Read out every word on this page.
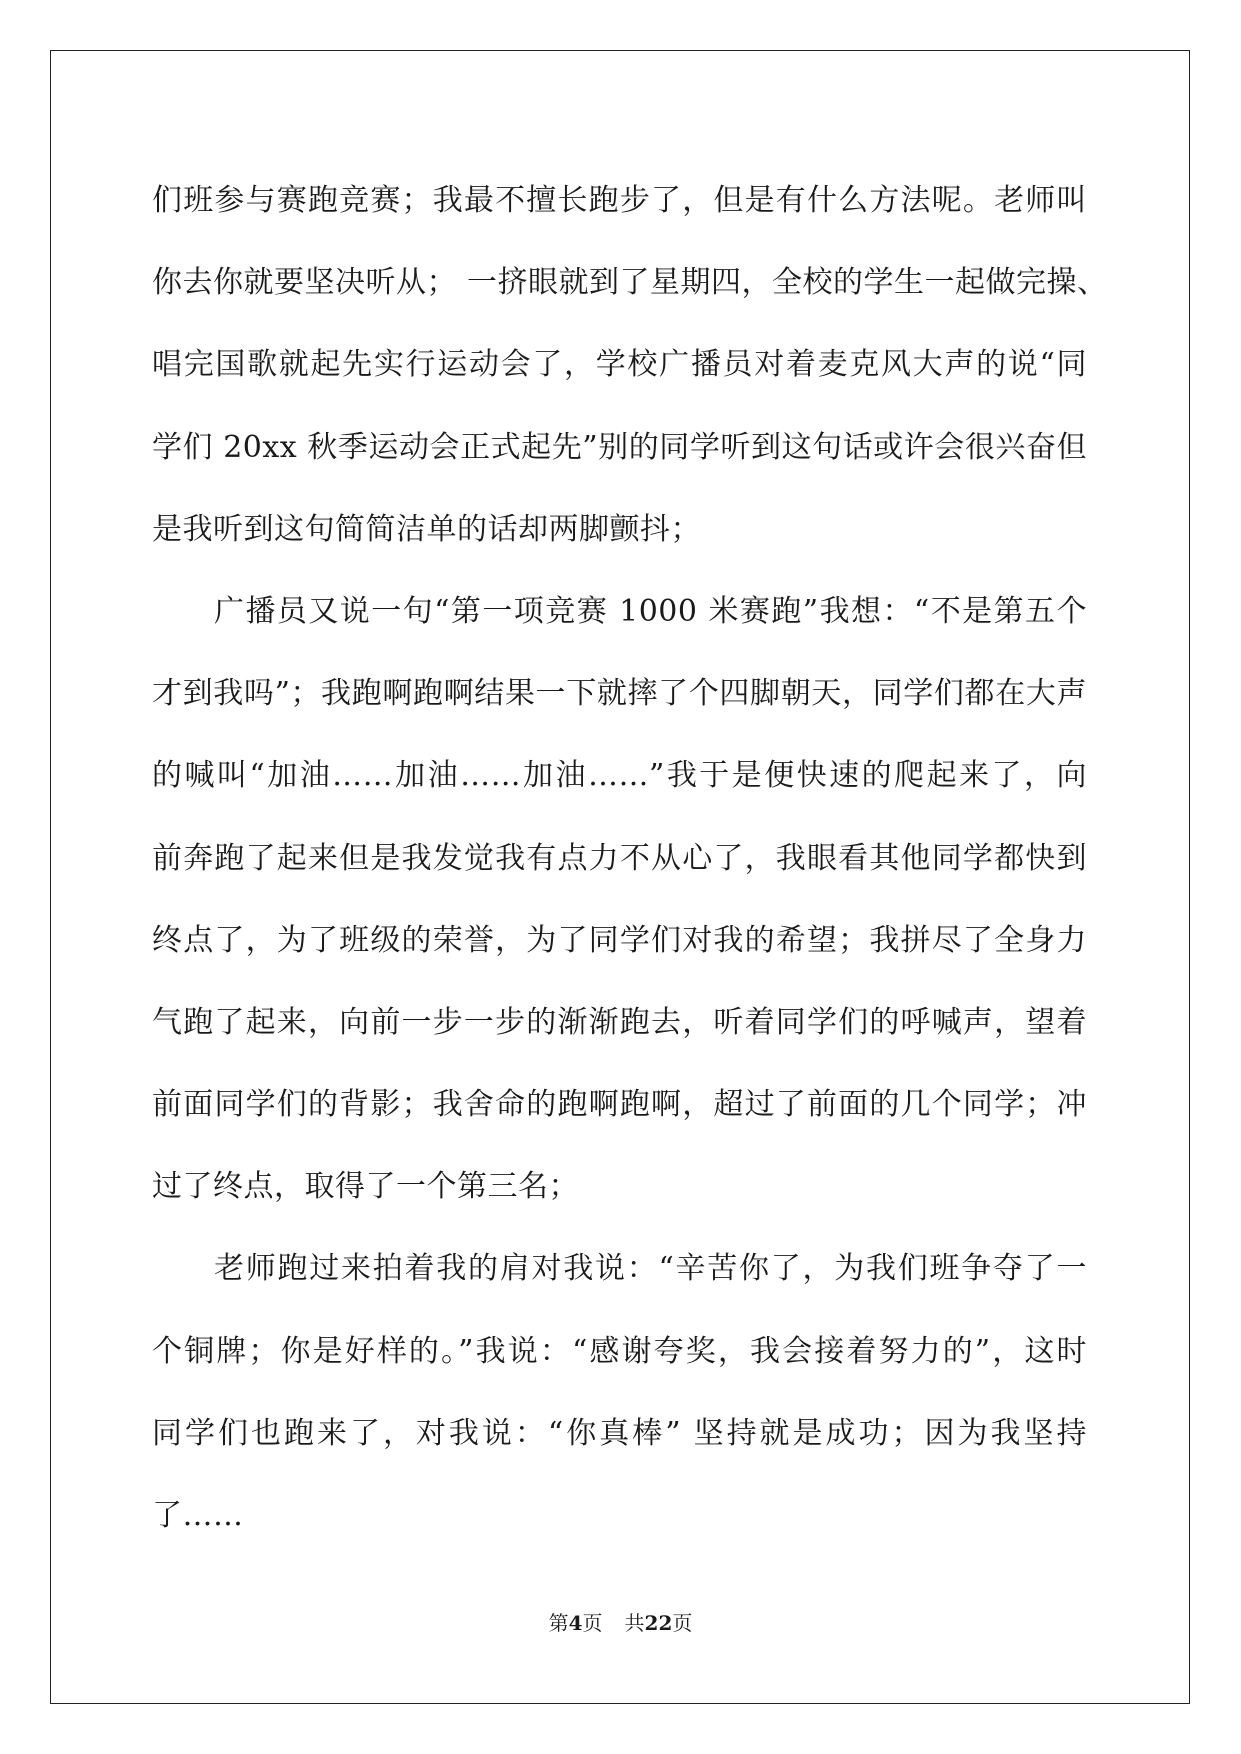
们班参与赛跑竞赛；我最不擅长跑步了，但是有什么方法呢。老师叫
你去你就要坚决听从； 一挤眼就到了星期四，全校的学生一起做完操、
唱完国歌就起先实行运动会了，学校广播员对着麦克风大声的说“同
学们 20xx 秋季运动会正式起先”别的同学听到这句话或许会很兴奋但
是我听到这句简简洁单的话却两脚颤抖；
广播员又说一句“第一项竞赛 1000 米赛跑”我想：“不是第五个
才到我吗”；我跑啊跑啊结果一下就摔了个四脚朝天，同学们都在大声
的喊叫“加油……加油……加油……”我于是便快速的爬起来了，向
前奔跑了起来但是我发觉我有点力不从心了，我眼看其他同学都快到
终点了，为了班级的荣誉，为了同学们对我的希望；我拼尽了全身力
气跑了起来，向前一步一步的渐渐跑去，听着同学们的呼喊声，望着
前面同学们的背影；我舍命的跑啊跑啊，超过了前面的几个同学；冲
过了终点，取得了一个第三名；
老师跑过来拍着我的肩对我说：“辛苦你了，为我们班争夺了一
个铜牌；你是好样的。”我说：“感谢夸奖，我会接着努力的”，这时
同学们也跑来了，对我说：“你真棒” 坚持就是成功；因为我坚持
了……
第4页 共22页
